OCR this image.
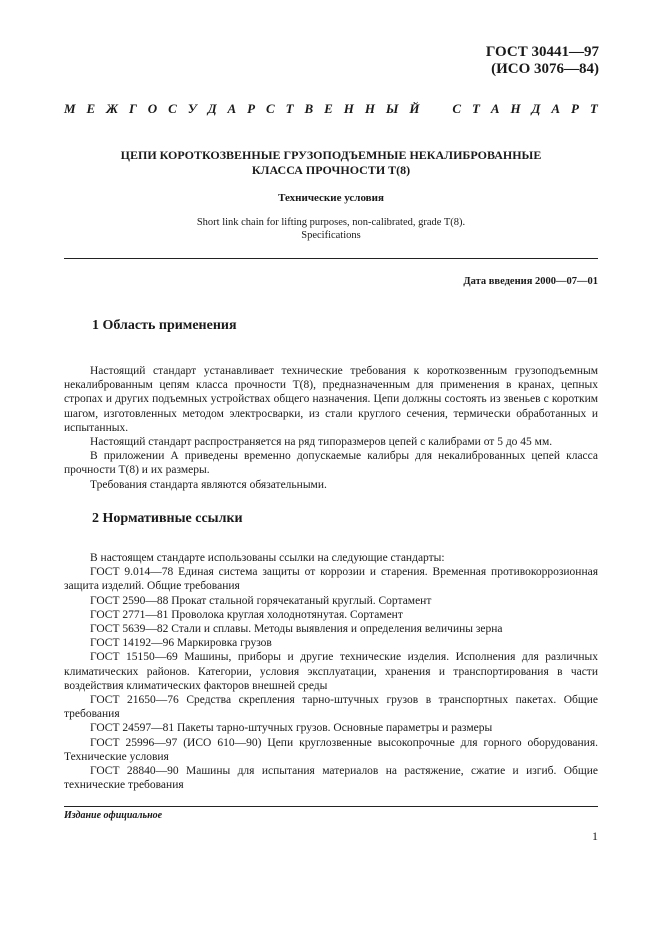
ГОСТ 30441—97
(ИСО 3076—84)
М Е Ж Г О С У Д А Р С Т В Е Н Н Ы Й	С Т А Н Д А Р Т

ЦЕПИ КОРОТКОЗВЕННЫЕ ГРУЗОПОДЪЕМНЫЕ НЕКАЛИБРОВАННЫЕ
КЛАССА ПРОЧНОСТИ Т(8)

Технические условия

Short link chain for lifting purposes, non-calibrated, grade T(8).
Specifications

Дата введения 2000—07—01
1 Область применения

Настоящий стандарт устанавливает технические требования к короткозвенным грузоподъемным некалиброванным цепям класса прочности Т(8), предназначенным для применения в кранах, цепных стропах и других подъемных устройствах общего назначения. Цепи должны состоять из звеньев с коротким шагом, изготовленных методом электросварки, из стали круглого сечения, термически обработанных и испытанных.

Настоящий стандарт распространяется на ряд типоразмеров цепей с калибрами от 5 до 45 мм.

В приложении А приведены временно допускаемые калибры для некалиброванных цепей класса прочности Т(8) и их размеры.

Требования стандарта являются обязательными.

2 Нормативные ссылки

В настоящем стандарте использованы ссылки на следующие стандарты:

ГОСТ 9.014—78 Единая система защиты от коррозии и старения. Временная противокоррозионная защита изделий. Общие требования

ГОСТ 2590—88 Прокат стальной горячекатаный круглый. Сортамент

ГОСТ 2771—81 Проволока круглая холоднотянутая. Сортамент

ГОСТ 5639—82 Стали и сплавы. Методы выявления и определения величины зерна

ГОСТ 14192—96 Маркировка грузов

ГОСТ 15150—69 Машины, приборы и другие технические изделия. Исполнения для различных климатических районов. Категории, условия эксплуатации, хранения и транспортирования в части воздействия климатических факторов внешней среды

ГОСТ 21650—76 Средства скрепления тарно-штучных грузов в транспортных пакетах. Общие требования

ГОСТ 24597—81 Пакеты тарно-штучных грузов. Основные параметры и размеры

ГОСТ 25996—97 (ИСО 610—90) Цепи круглозвенные высокопрочные для горного оборудования. Технические условия

ГОСТ 28840—90 Машины для испытания материалов на растяжение, сжатие и изгиб. Общие технические требования

Издание официальное
1
